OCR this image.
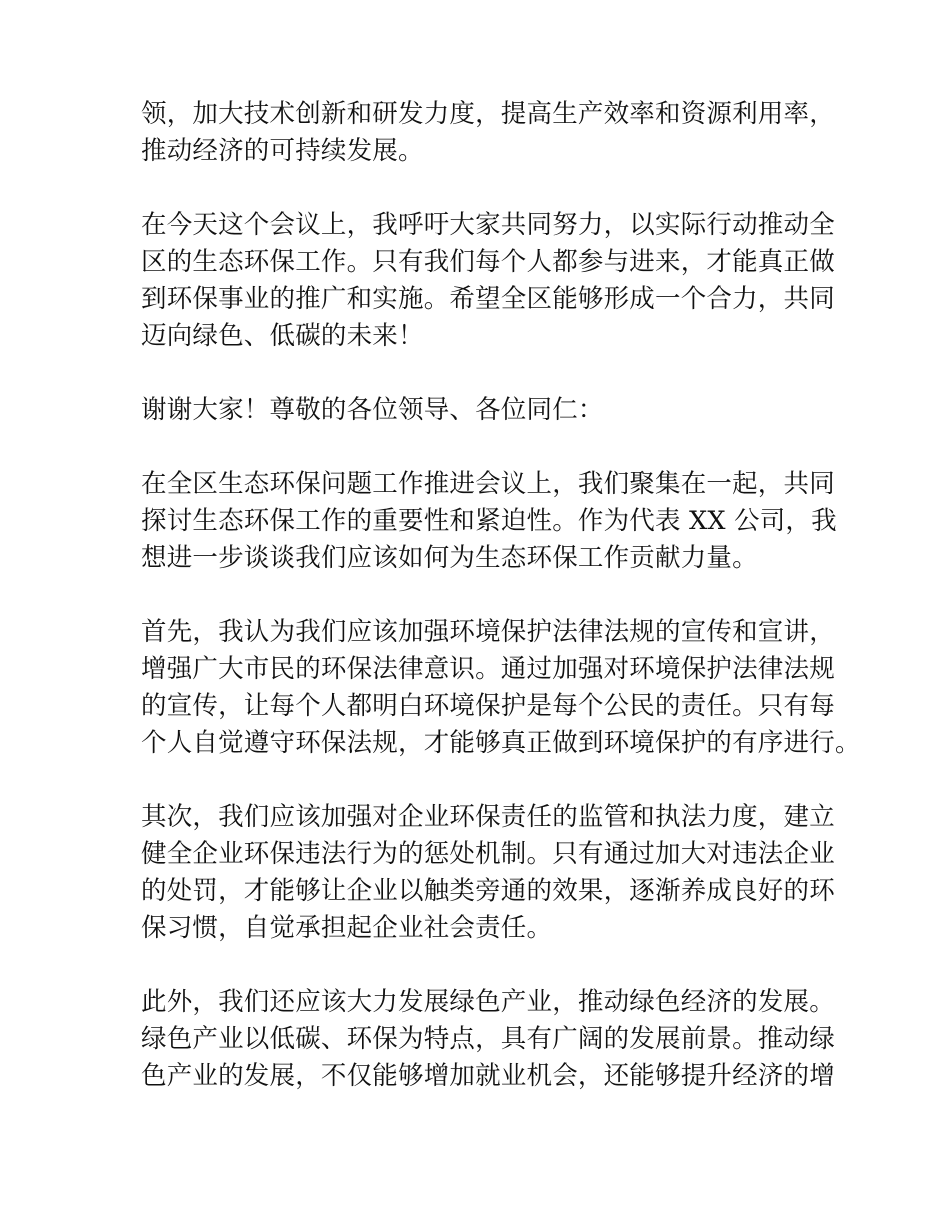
领，加大技术创新和研发力度，提高生产效率和资源利用率，
推动经济的可持续发展。
在今天这个会议上，我呼吁大家共同努力，以实际行动推动全
区的生态环保工作。只有我们每个人都参与进来，才能真正做
到环保事业的推广和实施。希望全区能够形成一个合力，共同
迈向绿色、低碳的未来！
谢谢大家！尊敬的各位领导、各位同仁：
在全区生态环保问题工作推进会议上，我们聚集在一起，共同
探讨生态环保工作的重要性和紧迫性。作为代表 XX 公司，我
想进一步谈谈我们应该如何为生态环保工作贡献力量。
首先，我认为我们应该加强环境保护法律法规的宣传和宣讲，
增强广大市民的环保法律意识。通过加强对环境保护法律法规
的宣传，让每个人都明白环境保护是每个公民的责任。只有每
个人自觉遵守环保法规，才能够真正做到环境保护的有序进行。
其次，我们应该加强对企业环保责任的监管和执法力度，建立
健全企业环保违法行为的惩处机制。只有通过加大对违法企业
的处罚，才能够让企业以触类旁通的效果，逐渐养成良好的环
保习惯，自觉承担起企业社会责任。
此外，我们还应该大力发展绿色产业，推动绿色经济的发展。
绿色产业以低碳、环保为特点，具有广阔的发展前景。推动绿
色产业的发展，不仅能够增加就业机会，还能够提升经济的增
